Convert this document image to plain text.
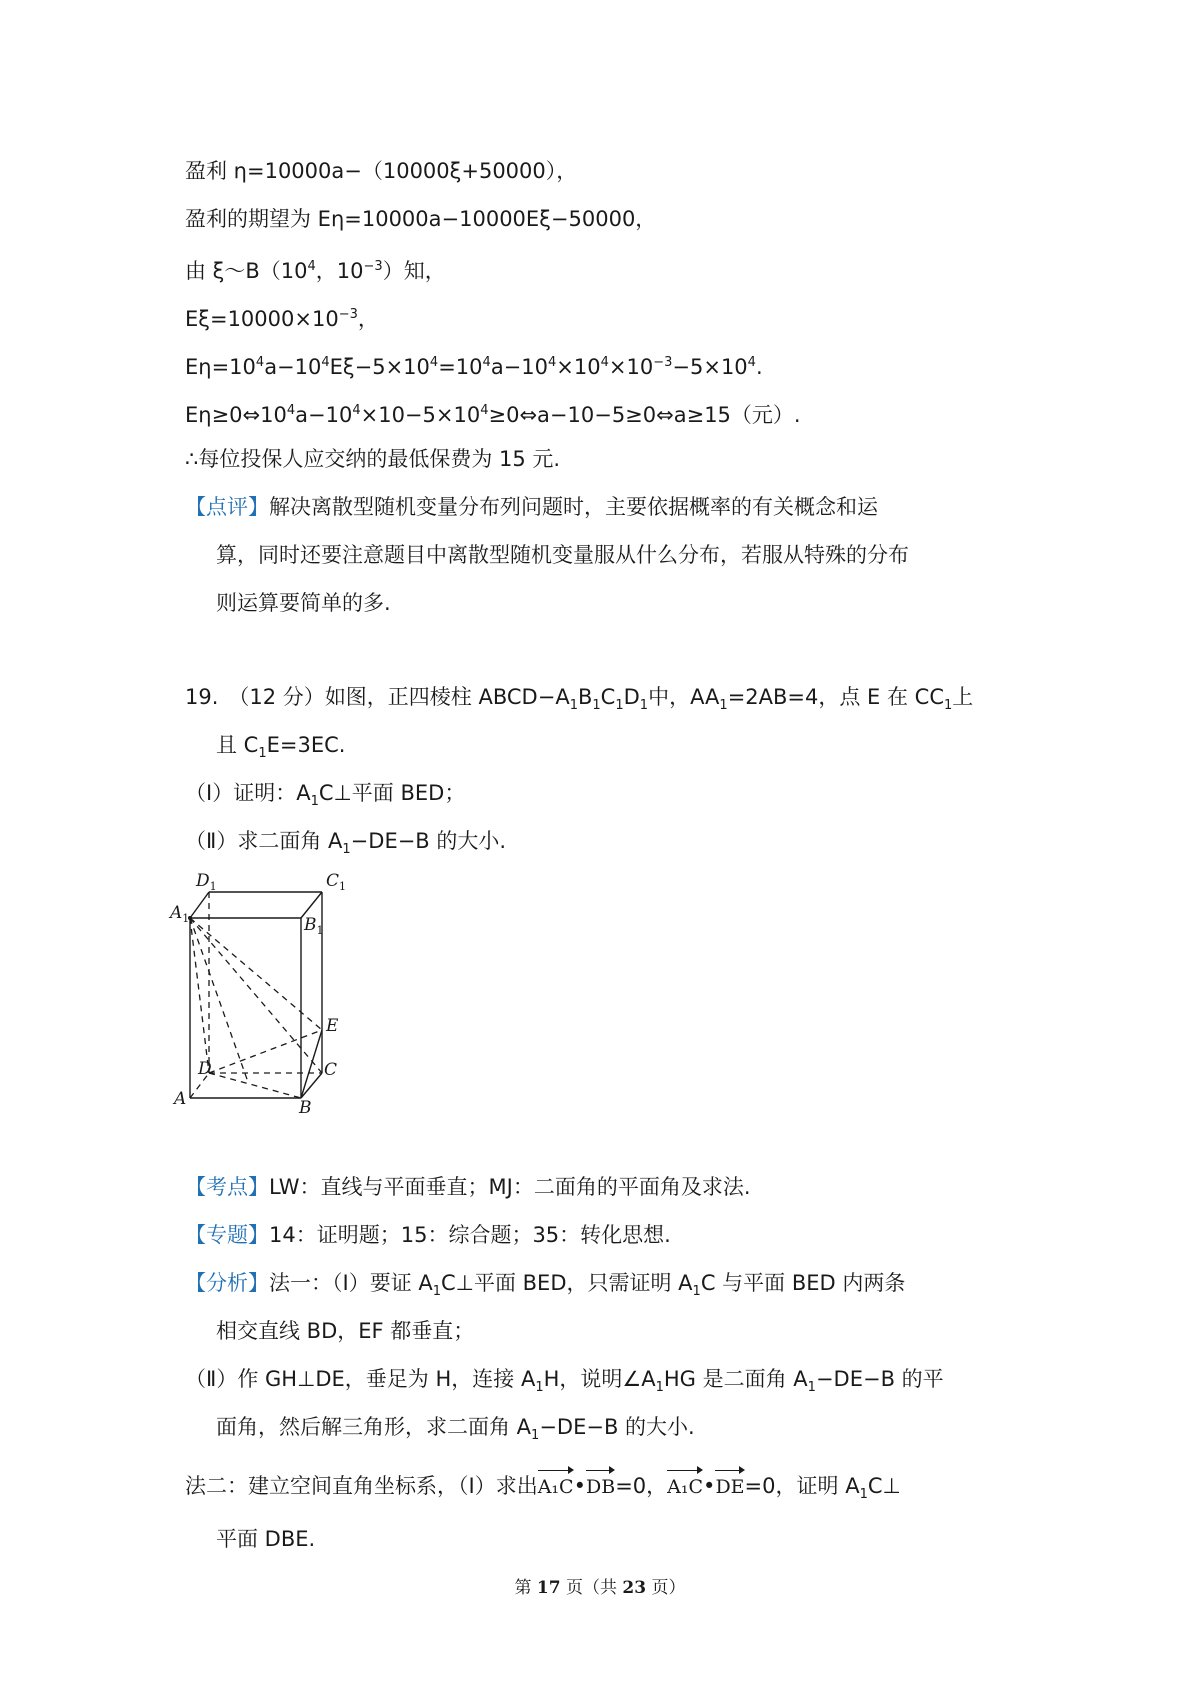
盈利 η=10000a−（10000ξ+50000），
盈利的期望为 Eη=10000a−10000Eξ−50000，
由 $\xi\sim B(10^4$，$10^{-3}$）知，
$E\xi=10000\times 10^{-3}$，
$E\eta=10^4a-10^4E\xi-5\times 10^4=10^4a-10^4\times 10^4\times 10^{-3}-5\times 10^4$.
$E\eta\ge 0\Leftrightarrow 10^4a-10^4\times 10-5\times 10^4\ge 0\Leftrightarrow a-10-5\ge 0\Leftrightarrow a\ge 15$（元）.
∴每位投保人应交纳的最低保费为 15 元.
【点评】解决离散型随机变量分布列问题时，主要依据概率的有关概念和运
算，同时还要注意题目中离散型随机变量服从什么分布，若服从特殊的分布
则运算要简单的多.
19. （12 分）如图，正四棱柱 $ABCD-A_1B_1C_1D_1$中，$AA_1=2AB=4$，点 E 在 $CC_1$上
且 $C_1E=3EC$.
（Ⅰ）证明：$A_1C\perp$平面 BED；
（Ⅱ）求二面角 $A_1-DE-B$ 的大小.
$D_1$	$C_1$
$A_1$	$B_1$
E
D	C
A	B
【考点】LW：直线与平面垂直；MJ：二面角的平面角及求法.
【专题】14：证明题；15：综合题；35：转化思想.
【分析】法一：（Ⅰ）要证 $A_1C\perp$平面 BED，只需证明 $A_1C$ 与平面 BED 内两条
相交直线 BD，EF 都垂直；
（Ⅱ）作 GH⊥DE，垂足为 H，连接 $A_1H$，说明$\angle A_1HG$ 是二面角 $A_1-DE-B$ 的平
面角，然后解三角形，求二面角 $A_1-DE-B$ 的大小.
法二：建立空间直角坐标系，（Ⅰ）求出A₁C•DB=0，A₁C•DE=0，证明 $A_1C\perp$
平面 DBE.
第 17 页（共 23 页）
